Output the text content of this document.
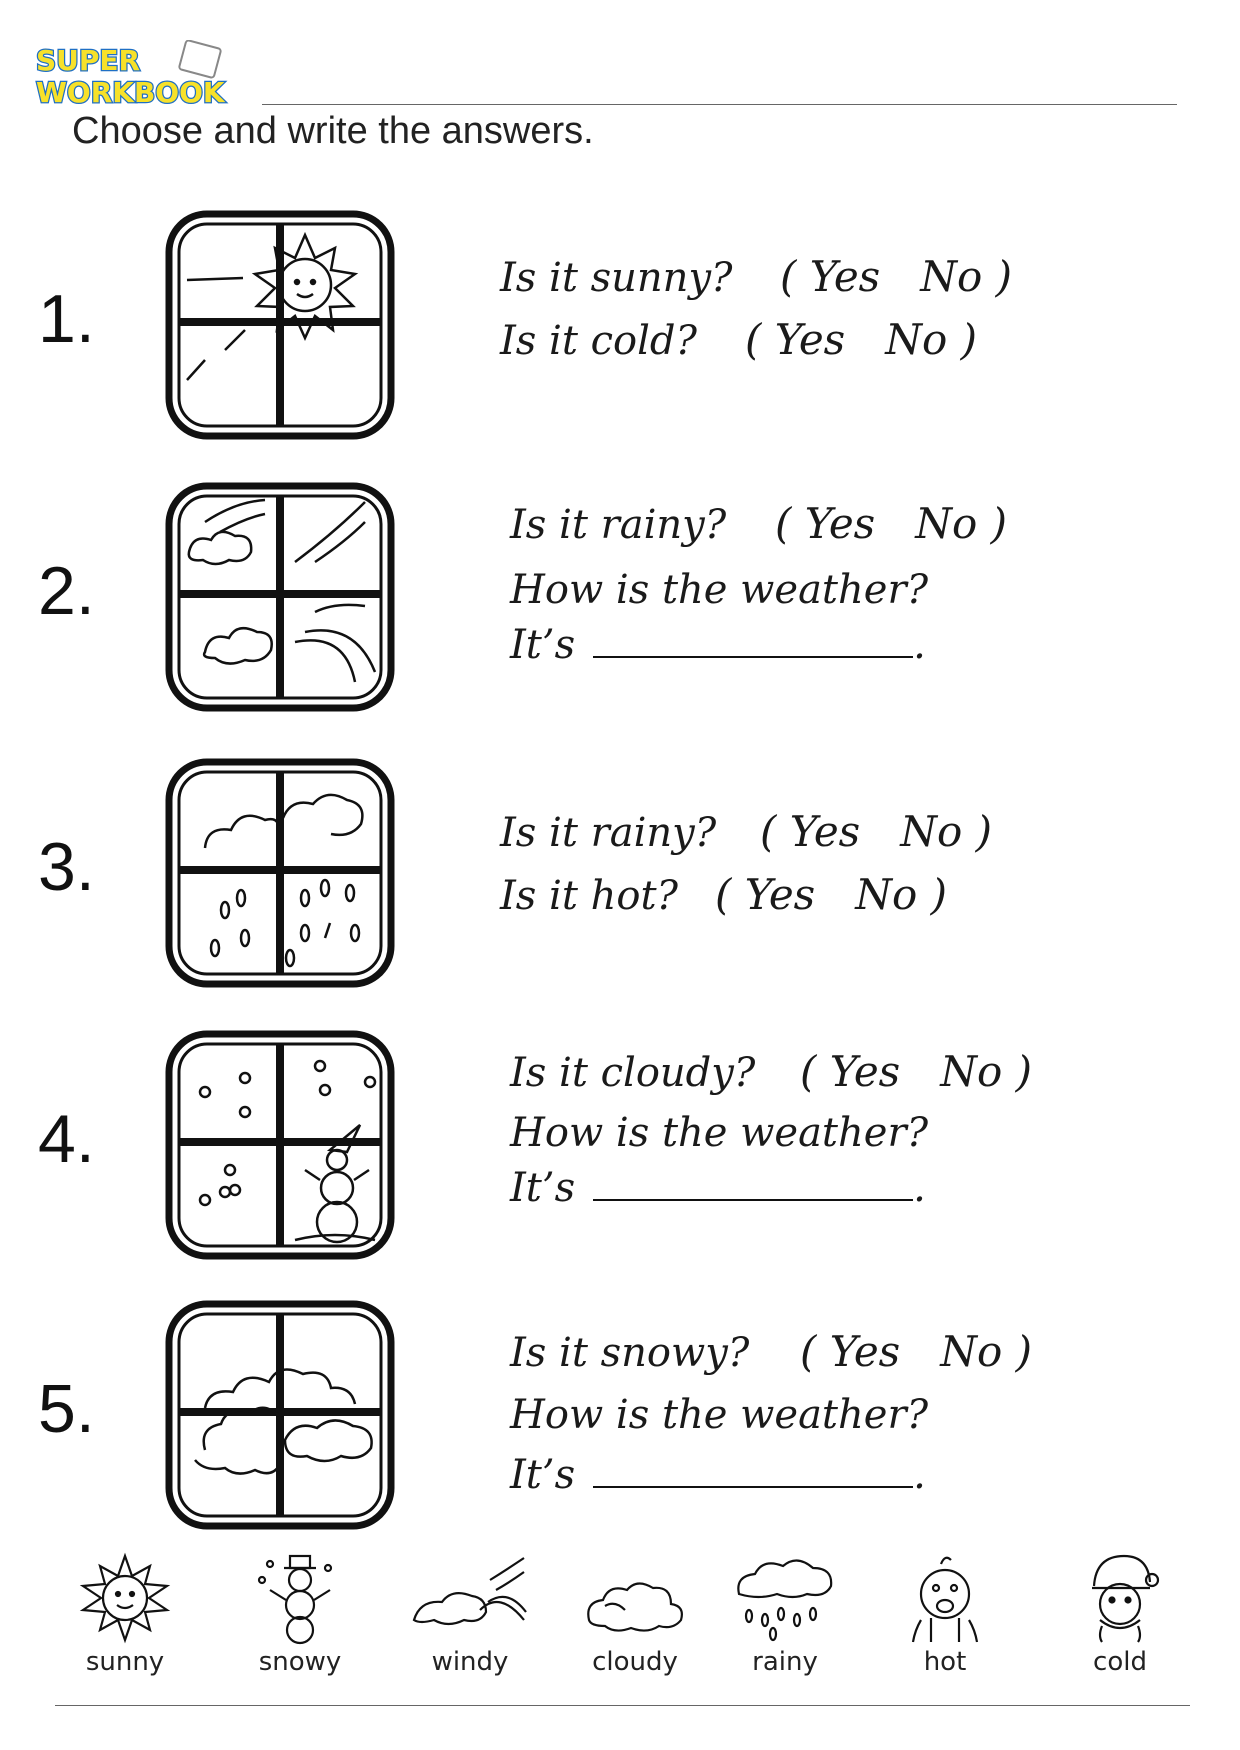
SUPER
WORKBOOK
Choose and write the answers.
1.
Is it sunny? ( Yes No )
Is it cold? ( Yes No )
2.
Is it rainy? ( Yes No )
How is the weather?
It’s	.
3.	Is it rainy? ( Yes No )
Is it hot? ( Yes No )
4.
Is it cloudy? ( Yes No )
How is the weather?
It’s	.
5.
Is it snowy? ( Yes No )
How is the weather?
It’s	.
sunny	snowy	windy	cloudy	rainy	hot	cold
